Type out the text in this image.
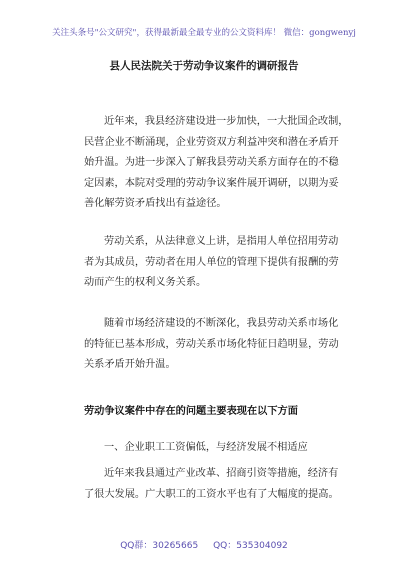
关注头条号"公文研究"，获得最新最全最专业的公文资料库！ 微信：gongwenyj
县人民法院关于劳动争议案件的调研报告
近年来，我县经济建设进一步加快，一大批国企改制，
民营企业不断涌现，企业劳资双方利益冲突和潜在矛盾开
始升温。为进一步深入了解我县劳动关系方面存在的不稳
定因素，本院对受理的劳动争议案件展开调研，以期为妥
善化解劳资矛盾找出有益途径。
劳动关系，从法律意义上讲，是指用人单位招用劳动
者为其成员，劳动者在用人单位的管理下提供有报酬的劳
动而产生的权利义务关系。
随着市场经济建设的不断深化，我县劳动关系市场化
的特征已基本形成，劳动关系市场化特征日趋明显，劳动
关系矛盾开始升温。
劳动争议案件中存在的问题主要表现在以下方面
一、企业职工工资偏低，与经济发展不相适应
近年来我县通过产业改革、招商引资等措施，经济有
了很大发展。广大职工的工资水平也有了大幅度的提高。
QQ群：30265665 QQ：535304092
